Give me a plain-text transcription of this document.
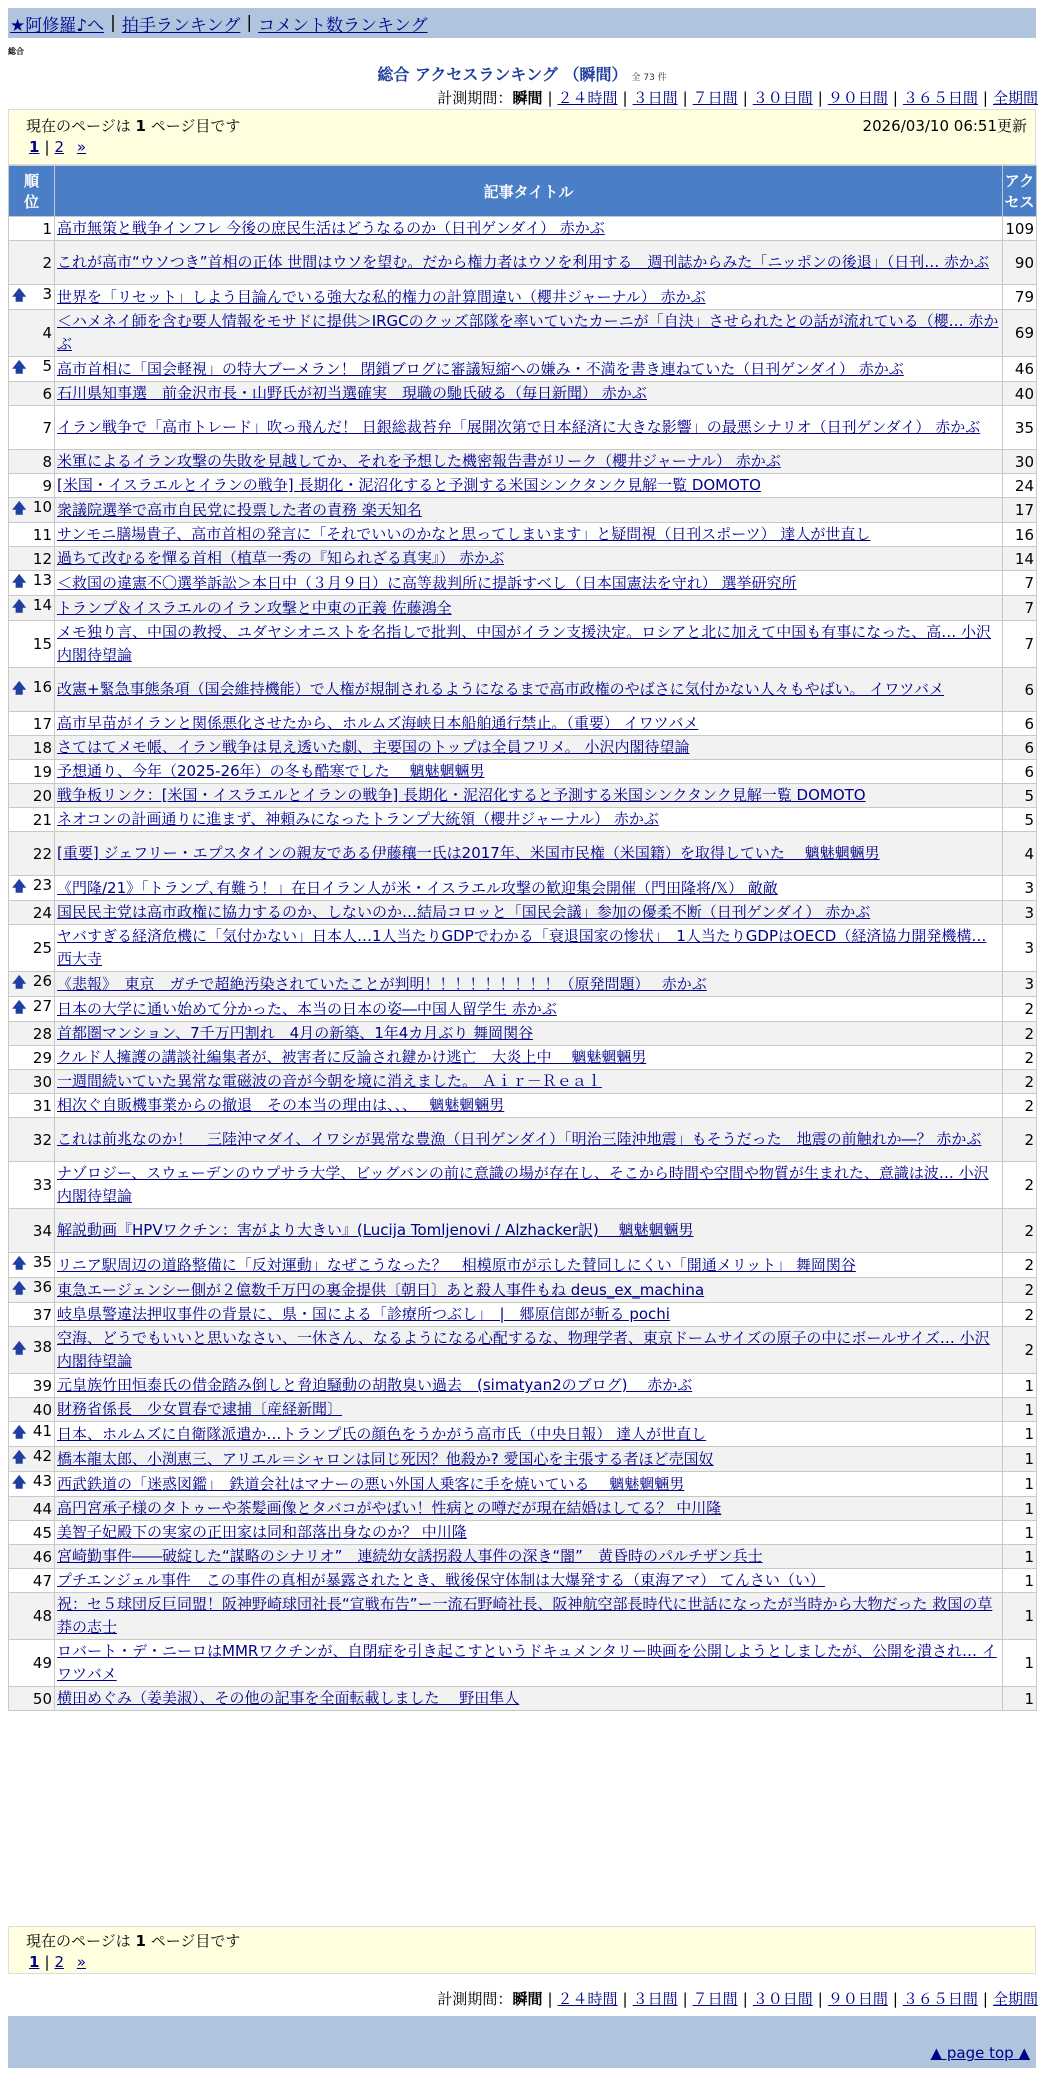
★阿修羅♪へ | 拍手ランキング | コメント数ランキング
総合
総合 アクセスランキング （瞬間） 全 73 件
計測期間：瞬間 | ２４時間 | ３日間 | ７日間 | ３０日間 | ９０日間 | ３６５日間 | 全期間
現在のページは 1 ページ目です	2026/03/10 06:51更新
1 | 2 »
順位	記事タイトル	アクセス
1	高市無策と戦争インフレ 今後の庶民生活はどうなるのか（日刊ゲンダイ） 赤かぶ	109
2	これが高市“ウソつき”首相の正体 世間はウソを望む。だから権力者はウソを利用する　週刊誌からみた「ニッポンの後退」（日刊… 赤かぶ	90

🡅 3	世界を「リセット」しよう目論んでいる強大な私的権力の計算間違い（櫻井ジャーナル） 赤かぶ	79
4	＜ハメネイ師を含む要人情報をモサドに提供＞IRGCのクッズ部隊を率いていたカーニが「自決」させられたとの話が流れている（櫻… 赤かぶ	69

🡅 5	高市首相に「国会軽視」の特大ブーメラン！ 閉鎖ブログに審議短縮への嫌み・不満を書き連ねていた（日刊ゲンダイ） 赤かぶ	46
6	石川県知事選　前金沢市長・山野氏が初当選確実　現職の馳氏破る（毎日新聞） 赤かぶ	40
7	イラン戦争で「高市トレード」吹っ飛んだ！ 日銀総裁苔弁「展開次第で日本経済に大きな影響」の最悪シナリオ（日刊ゲンダイ） 赤かぶ	35
8	米軍によるイラン攻撃の失敗を見越してか、それを予想した機密報告書がリーク（櫻井ジャーナル） 赤かぶ	30
9	[米国・イスラエルとイランの戦争] 長期化・泥沼化すると予測する米国シンクタンク見解一覧 DOMOTO	24

🡅 10	衆議院選挙で高市自民党に投票した者の責務 楽天知名	17
11	サンモニ膳場貴子、高市首相の発言に「それでいいのかなと思ってしまいます」と疑問視（日刊スポーツ） 達人が世直し	16
12	過ちて改むるを憚る首相（植草一秀の『知られざる真実』） 赤かぶ	14

🡅 13	＜救国の違憲不〇選挙訴訟＞本日中（３月９日）に高等裁判所に提訴すべし（日本国憲法を守れ） 選挙研究所	7

🡅 14	トランプ＆イスラエルのイラン攻撃と中東の正義 佐藤鴻全	7
15	メモ独り言、中国の教授、ユダヤシオニストを名指しで批判、中国がイラン支援決定。ロシアと北に加えて中国も有事になった、高… 小沢内閣待望論	7

🡅 16	改憲+緊急事態条項（国会維持機能）で人権が規制されるようになるまで高市政権のやばさに気付かない人々もやばい。 イワツバメ	6
17	高市早苗がイランと関係悪化させたから、ホルムズ海峡日本船舶通行禁止。（重要） イワツバメ	6
18	さてはてメモ帳、イラン戦争は見え透いた劇、主要国のトップは全員フリメ。 小沢内閣待望論	6
19	予想通り、今年（2025-26年）の冬も酷寒でした　 魑魅魍魎男	6
20	戦争板リンク：[米国・イスラエルとイランの戦争] 長期化・泥沼化すると予測する米国シンクタンク見解一覧 DOMOTO	5
21	ネオコンの計画通りに進まず、神頼みになったトランプ大統領（櫻井ジャーナル） 赤かぶ	5
22	[重要] ジェフリー・エプスタインの親友である伊藤穰一氏は2017年、米国市民権（米国籍）を取得していた　 魑魅魍魎男	4

🡅 23	《門隆/21》「トランプ､有難う！」在日イラン人が米・イスラエル攻撃の歓迎集会開催（門田隆将/𝕏） 敵敵	3
24	国民民主党は高市政権に協力するのか、しないのか…結局コロッと「国民会議」参加の優柔不断（日刊ゲンダイ） 赤かぶ	3
25	ヤバすぎる経済危機に「気付かない」日本人…1人当たりGDPでわかる「衰退国家の惨状」　1人当たりGDPはOECD（経済協力開発機構… 西大寺	3

🡅 26	《悲報》　東京　ガチで超絶汚染されていたことが判明！！！！！！！！！（原発問題）　 赤かぶ	3

🡅 27	日本の大学に通い始めて分かった、本当の日本の姿―中国人留学生 赤かぶ	2
28	首都圏マンション、7千万円割れ　4月の新築、1年4カ月ぶり 舞岡関谷	2
29	クルド人擁護の講談社編集者が、被害者に反論され鍵かけ逃亡　大炎上中　 魑魅魍魎男	2
30	一週間続いていた異常な電磁波の音が今朝を境に消えました。 Ａｉｒ－Ｒｅａｌ	2
31	相次ぐ自販機事業からの撤退　その本当の理由は、、、　 魑魅魍魎男	2
32	これは前兆なのか！　三陸沖マダイ、イワシが異常な豊漁（日刊ゲンダイ）「明治三陸沖地震」もそうだった　地震の前触れか―？ 赤かぶ	2
33	ナゾロジー、スウェーデンのウプサラ大学、ビッグバンの前に意識の場が存在し、そこから時間や空間や物質が生まれた、意識は波… 小沢内閣待望論	2
34	解説動画『HPVワクチン：害がより大きい』(Lucija Tomljenovi / Alzhacker訳)　 魑魅魍魎男	2

🡅 35	リニア駅周辺の道路整備に「反対運動」なぜこうなった？　相模原市が示した賛同しにくい「開通メリット」 舞岡関谷	2

🡅 36	東急エージェンシー側が２億数千万円の裏金提供〔朝日〕あと殺人事件もね deus_ex_machina	2
37	岐阜県警違法押収事件の背景に、県・国による「診療所つぶし」　|　郷原信郎が斬る pochi	2

🡅 38	空海、どうでもいいと思いなさい、一休さん、なるようになる心配するな、物理学者、東京ドームサイズの原子の中にボールサイズ… 小沢内閣待望論	2
39	元皇族竹田恒泰氏の借金踏み倒しと脅迫騒動の胡散臭い過去　(simatyan2のブログ)　 赤かぶ	1
40	財務省係長　少女買春で逮捕〔産経新聞〕	1

🡅 41	日本、ホルムズに自衛隊派遣か…トランプ氏の顔色をうかがう高市氏（中央日報） 達人が世直し	1

🡅 42	橋本龍太郎、小渕恵三、アリエル＝シャロンは同じ死因？他殺か? 愛国心を主張する者ほど売国奴	1

🡅 43	西武鉄道の「迷惑図鑑」　鉄道会社はマナーの悪い外国人乗客に手を焼いている　 魑魅魍魎男	1
44	高円宮承子様のタトゥーや茶髪画像とタバコがやばい！性病との噂だが現在結婚はしてる？ 中川隆	1
45	美智子妃殿下の実家の正田家は同和部落出身なのか？ 中川隆	1
46	宮崎勤事件――破綻した“謀略のシナリオ”　連続幼女誘拐殺人事件の深き“闇”　黄昏時のパルチザン兵士	1
47	プチエンジェル事件　この事件の真相が暴露されたとき、戦後保守体制は大爆発する（東海アマ） てんさい（い）	1
48	祝：セ５球団反巨同盟！阪神野崎球団社長“宣戦布告”ー一流石野崎社長、阪神航空部長時代に世話になったが当時から大物だった 救国の草莽の志士	1
49	ロバート・デ・ニーロはMMRワクチンが、自閉症を引き起こすというドキュメンタリー映画を公開しようとしましたが、公開を潰され… イワツバメ	1
50	横田めぐみ（姜美淑）、その他の記事を全面転載しました　 野田隼人	1
現在のページは 1 ページ目です
1 | 2 »
計測期間：瞬間 | ２４時間 | ３日間 | ７日間 | ３０日間 | ９０日間 | ３６５日間 | 全期間
▲ page top ▲
